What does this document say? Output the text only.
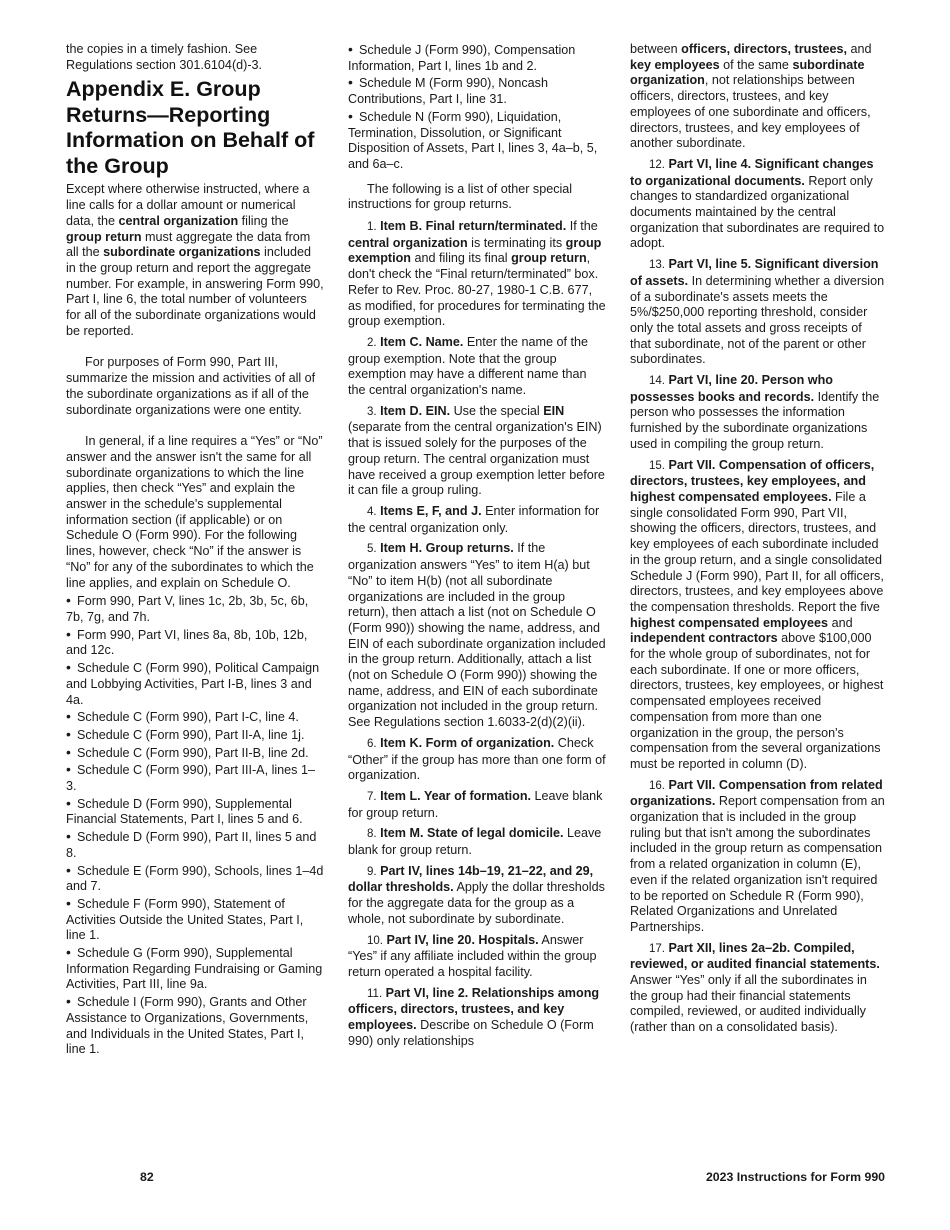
the copies in a timely fashion. See Regulations section 301.6104(d)-3.

Appendix E. Group Returns—Reporting Information on Behalf of the Group

Except where otherwise instructed, where a line calls for a dollar amount or numerical data, the central organization filing the group return must aggregate the data from all the subordinate organizations included in the group return and report the aggregate number. For example, in answering Form 990, Part I, line 6, the total number of volunteers for all of the subordinate organizations would be reported.

For purposes of Form 990, Part III, summarize the mission and activities of all of the subordinate organizations as if all of the subordinate organizations were one entity.

In general, if a line requires a “Yes” or “No” answer and the answer isn't the same for all subordinate organizations to which the line applies, then check “Yes” and explain the answer in the schedule's supplemental information section (if applicable) or on Schedule O (Form 990). For the following lines, however, check “No” if the answer is “No” for any of the subordinates to which the line applies, and explain on Schedule O.

• Form 990, Part V, lines 1c, 2b, 3b, 5c, 6b, 7b, 7g, and 7h.
• Form 990, Part VI, lines 8a, 8b, 10b, 12b, and 12c.
• Schedule C (Form 990), Political Campaign and Lobbying Activities, Part I-B, lines 3 and 4a.
• Schedule C (Form 990), Part I-C, line 4.
• Schedule C (Form 990), Part II-A, line 1j.
• Schedule C (Form 990), Part II-B, line 2d.
• Schedule C (Form 990), Part III-A, lines 1–3.
• Schedule D (Form 990), Supplemental Financial Statements, Part I, lines 5 and 6.
• Schedule D (Form 990), Part II, lines 5 and 8.
• Schedule E (Form 990), Schools, lines 1–4d and 7.
• Schedule F (Form 990), Statement of Activities Outside the United States, Part I, line 1.
• Schedule G (Form 990), Supplemental Information Regarding Fundraising or Gaming Activities, Part III, line 9a.
• Schedule I (Form 990), Grants and Other Assistance to Organizations, Governments, and Individuals in the United States, Part I, line 1.
• Schedule J (Form 990), Compensation Information, Part I, lines 1b and 2.
• Schedule M (Form 990), Noncash Contributions, Part I, line 31.
• Schedule N (Form 990), Liquidation, Termination, Dissolution, or Significant Disposition of Assets, Part I, lines 3, 4a–b, 5, and 6a–c.

The following is a list of other special instructions for group returns.

1. Item B. Final return/terminated. If the central organization is terminating its group exemption and filing its final group return, don't check the “Final return/terminated” box. Refer to Rev. Proc. 80-27, 1980-1 C.B. 677, as modified, for procedures for terminating the group exemption.

2. Item C. Name. Enter the name of the group exemption. Note that the group exemption may have a different name than the central organization's name.

3. Item D. EIN. Use the special EIN (separate from the central organization's EIN) that is issued solely for the purposes of the group return. The central organization must have received a group exemption letter before it can file a group ruling.

4. Items E, F, and J. Enter information for the central organization only.

5. Item H. Group returns. If the organization answers “Yes” to item H(a) but “No” to item H(b) (not all subordinate organizations are included in the group return), then attach a list (not on Schedule O (Form 990)) showing the name, address, and EIN of each subordinate organization included in the group return. Additionally, attach a list (not on Schedule O (Form 990)) showing the name, address, and EIN of each subordinate organization not included in the group return. See Regulations section 1.6033-2(d)(2)(ii).

6. Item K. Form of organization. Check “Other” if the group has more than one form of organization.

7. Item L. Year of formation. Leave blank for group return.

8. Item M. State of legal domicile. Leave blank for group return.

9. Part IV, lines 14b–19, 21–22, and 29, dollar thresholds. Apply the dollar thresholds for the aggregate data for the group as a whole, not subordinate by subordinate.

10. Part IV, line 20. Hospitals. Answer “Yes” if any affiliate included within the group return operated a hospital facility.

11. Part VI, line 2. Relationships among officers, directors, trustees, and key employees. Describe on Schedule O (Form 990) only relationships

between officers, directors, trustees, and key employees of the same subordinate organization, not relationships between officers, directors, trustees, and key employees of one subordinate and officers, directors, trustees, and key employees of another subordinate.

12. Part VI, line 4. Significant changes to organizational documents. Report only changes to standardized organizational documents maintained by the central organization that subordinates are required to adopt.

13. Part VI, line 5. Significant diversion of assets. In determining whether a diversion of a subordinate's assets meets the 5%/$250,000 reporting threshold, consider only the total assets and gross receipts of that subordinate, not of the parent or other subordinates.

14. Part VI, line 20. Person who possesses books and records. Identify the person who possesses the information furnished by the subordinate organizations used in compiling the group return.

15. Part VII. Compensation of officers, directors, trustees, key employees, and highest compensated employees. File a single consolidated Form 990, Part VII, showing the officers, directors, trustees, and key employees of each subordinate included in the group return, and a single consolidated Schedule J (Form 990), Part II, for all officers, directors, trustees, and key employees above the compensation thresholds. Report the five highest compensated employees and independent contractors above $100,000 for the whole group of subordinates, not for each subordinate. If one or more officers, directors, trustees, key employees, or highest compensated employees received compensation from more than one organization in the group, the person's compensation from the several organizations must be reported in column (D).

16. Part VII. Compensation from related organizations. Report compensation from an organization that is included in the group ruling but that isn't among the subordinates included in the group return as compensation from a related organization in column (E), even if the related organization isn't required to be reported on Schedule R (Form 990), Related Organizations and Unrelated Partnerships.

17. Part XII, lines 2a–2b. Compiled, reviewed, or audited financial statements. Answer “Yes” only if all the subordinates in the group had their financial statements compiled, reviewed, or audited individually (rather than on a consolidated basis).

82	2023 Instructions for Form 990
